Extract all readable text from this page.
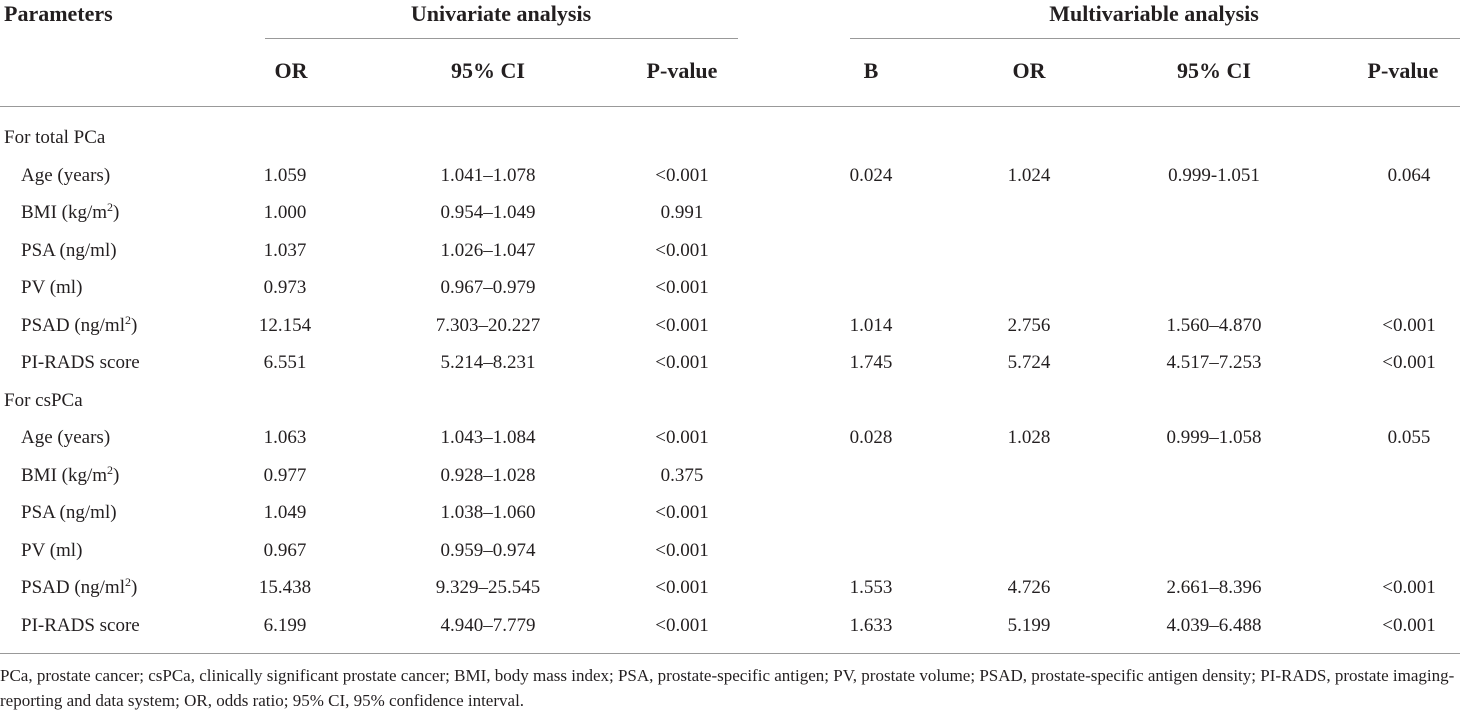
Parameters	Univariate analysis	Multivariable analysis
OR	95% CI	P-value	B	OR	95% CI	P-value
For total PCa
Age (years)	1.059	1.041–1.078	<0.001	0.024	1.024	0.999-1.051	0.064
BMI $(kg/m^2)$	1.000	0.954–1.049	0.991
PSA (ng/ml)	1.037	1.026–1.047	<0.001
PV (ml)	0.973	0.967–0.979	<0.001
PSAD $(ng/ml^2)$	12.154	7.303–20.227	<0.001	1.014	2.756	1.560–4.870	<0.001
PI-RADS score	6.551	5.214–8.231	<0.001	1.745	5.724	4.517–7.253	<0.001
For csPCa
Age (years)	1.063	1.043–1.084	<0.001	0.028	1.028	0.999–1.058	0.055
BMI $(kg/m^2)$	0.977	0.928–1.028	0.375
PSA (ng/ml)	1.049	1.038–1.060	<0.001
PV (ml)	0.967	0.959–0.974	<0.001
PSAD $(ng/ml^2)$	15.438	9.329–25.545	<0.001	1.553	4.726	2.661–8.396	<0.001
PI-RADS score	6.199	4.940–7.779	<0.001	1.633	5.199	4.039–6.488	<0.001
PCa, prostate cancer; csPCa, clinically significant prostate cancer; BMI, body mass index; PSA, prostate-specific antigen; PV, prostate volume; PSAD, prostate-specific antigen density; PI-RADS, prostate imaging-reporting and data system; OR, odds ratio; 95% CI, 95% confidence interval.
